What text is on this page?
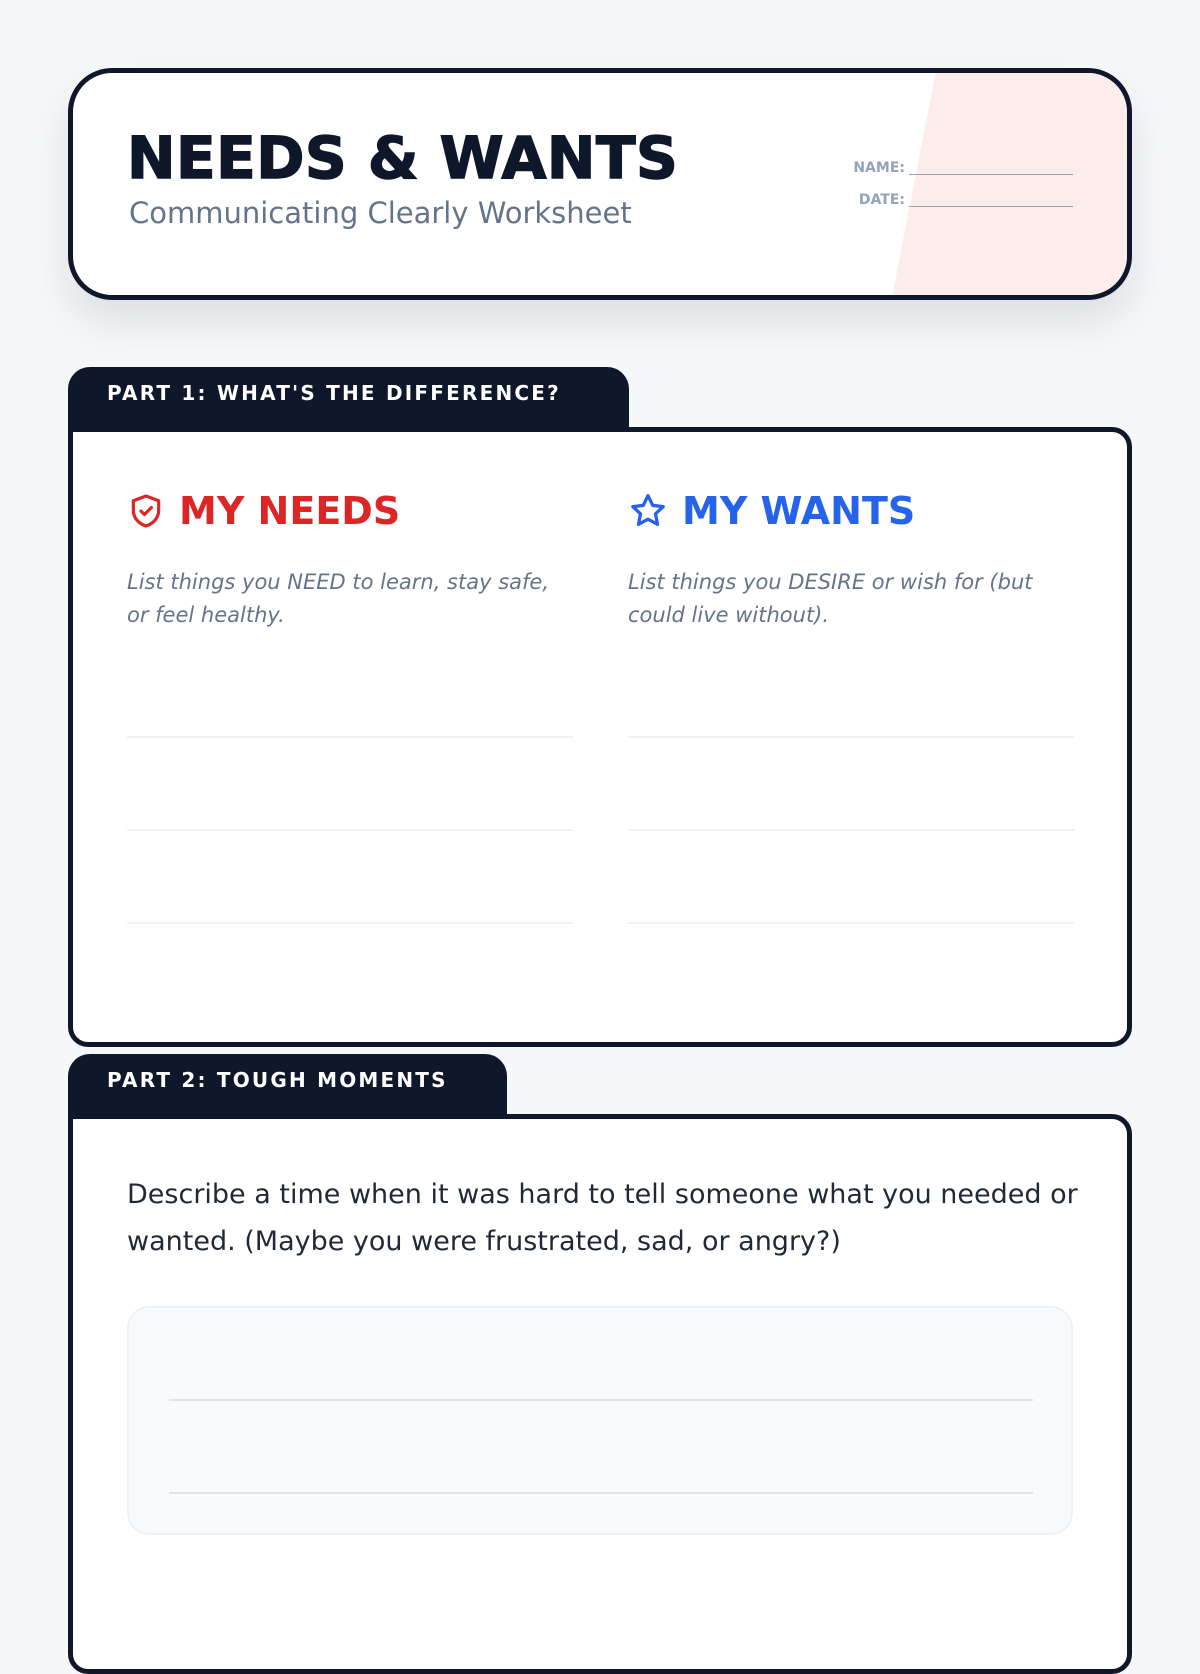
NEEDS & WANTS

Communicating Clearly Worksheet

NAME:
DATE:
PART 1: WHAT'S THE DIFFERENCE?
MY NEEDS
List things you NEED to learn, stay safe, or feel healthy.
MY WANTS
List things you DESIRE or wish for (but could live without).
PART 2: TOUGH MOMENTS
Describe a time when it was hard to tell someone what you needed or wanted. (Maybe you were frustrated, sad, or angry?)
